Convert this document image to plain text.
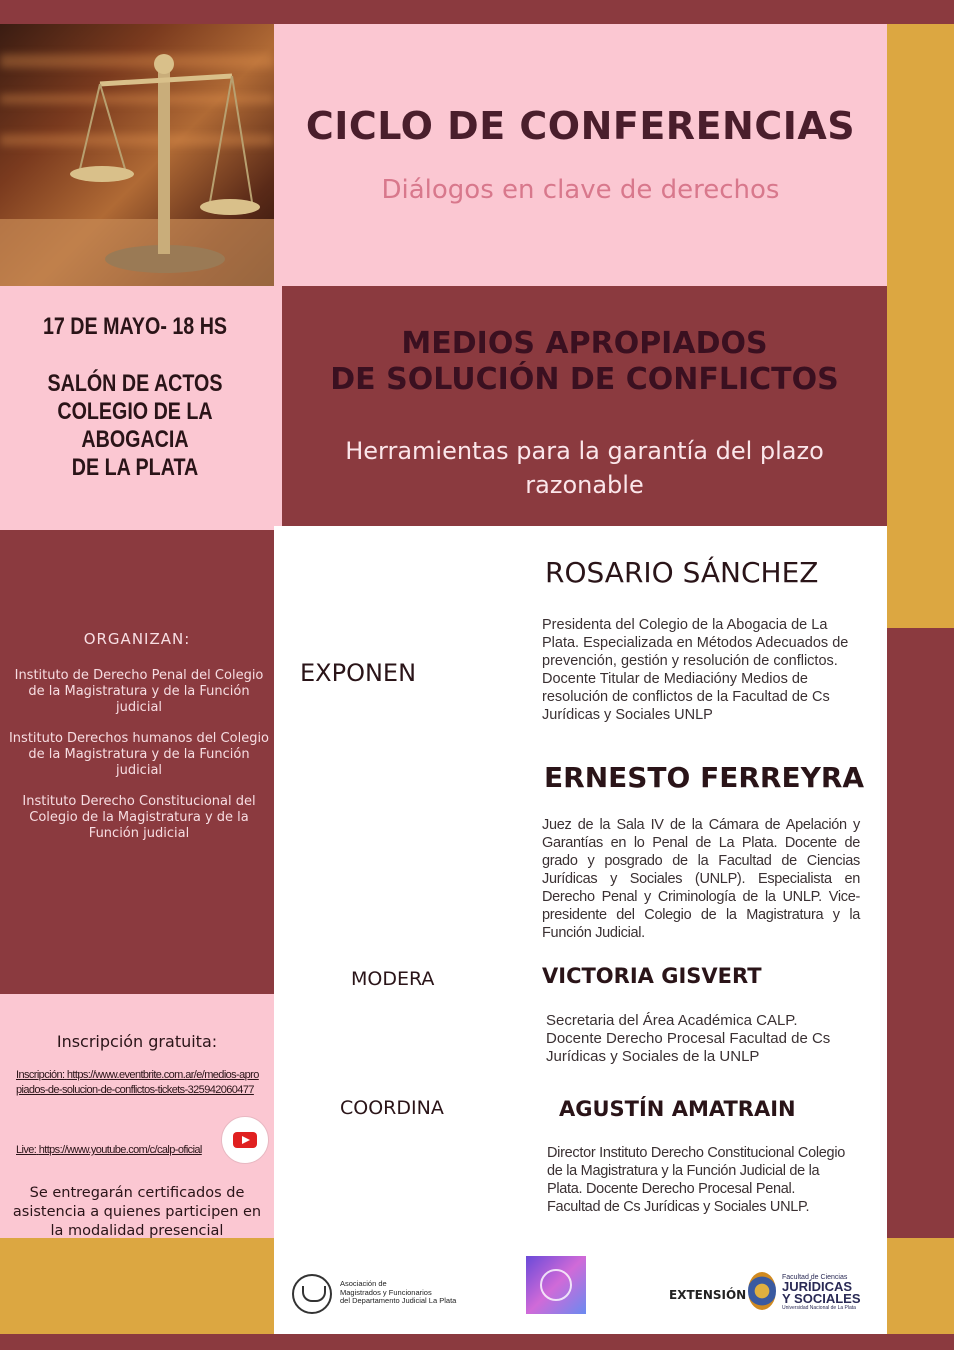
CICLO DE CONFERENCIAS
Diálogos en clave de derechos
17 DE MAYO- 18 HS
SALÓN DE ACTOS
COLEGIO DE LA ABOGACIA
DE LA PLATA
MEDIOS APROPIADOS
DE SOLUCIÓN DE CONFLICTOS
Herramientas para la garantía del plazo razonable
ORGANIZAN:
Instituto de Derecho Penal del Colegio de la Magistratura y de la Función judicial
Instituto Derechos humanos del Colegio de la Magistratura y de la Función judicial
Instituto Derecho Constitucional del Colegio de la Magistratura y de la Función judicial
Inscripción gratuita:
Inscripción: https://www.eventbrite.com.ar/e/medios-apropiados-de-solucion-de-conflictos-tickets-325942060477
Live: https://www.youtube.com/c/calp-oficial
Se entregarán certificados de asistencia a quienes participen en la modalidad presencial
EXPONEN
ROSARIO SÁNCHEZ
Presidenta del Colegio de la Abogacia de La Plata. Especializada en Métodos Adecuados de prevención, gestión y resolución de conflictos. Docente Titular de Mediacióny Medios de resolución de conflictos de la Facultad de Cs Jurídicas y Sociales UNLP
ERNESTO FERREYRA
Juez de la Sala IV de la Cámara de Apelación y Garantías en lo Penal de La Plata. Docente de grado y posgrado de la Facultad de Ciencias Jurídicas y Sociales (UNLP). Especialista en Derecho Penal y Criminología de la UNLP. Vice-presidente del Colegio de la Magistratura y la Función Judicial.
MODERA	VICTORIA GISVERT
Secretaria del Área Académica CALP.
Docente Derecho Procesal Facultad de Cs Jurídicas y Sociales de la UNLP
COORDINA	AGUSTÍN AMATRAIN
Director Instituto Derecho Constitucional Colegio de la Magistratura y la Función Judicial de la Plata. Docente Derecho Procesal Penal. Facultad de Cs Jurídicas y Sociales UNLP.
Asociación de
Magistrados y Funcionarios
del Departamento Judicial La Plata	EXTENSIÓN
Facultad de Ciencias
JURÍDICAS
Y SOCIALES
Universidad Nacional de La Plata
